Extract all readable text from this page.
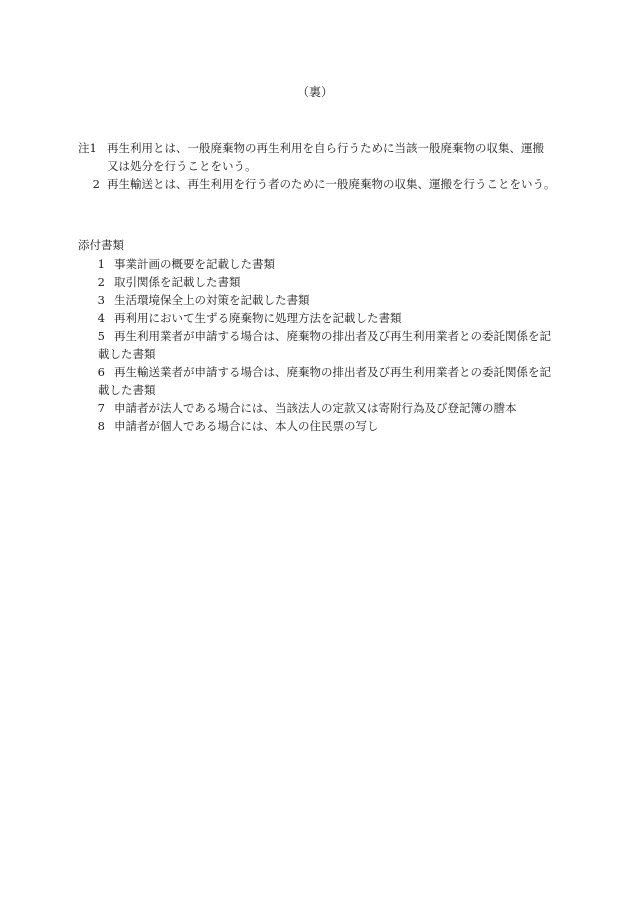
（裏）
注1 再生利用とは、一般廃棄物の再生利用を自ら行うために当該一般廃棄物の収集、運搬
又は処分を行うことをいう。
2 再生輸送とは、再生利用を行う者のために一般廃棄物の収集、運搬を行うことをいう。
添付書類
1 事業計画の概要を記載した書類
2 取引関係を記載した書類
3 生活環境保全上の対策を記載した書類
4 再利用において生ずる廃棄物に処理方法を記載した書類
5 再生利用業者が申請する場合は、廃棄物の排出者及び再生利用業者との委託関係を記
載した書類
6 再生輸送業者が申請する場合は、廃棄物の排出者及び再生利用業者との委託関係を記
載した書類
7 申請者が法人である場合には、当該法人の定款又は寄附行為及び登記簿の謄本
8 申請者が個人である場合には、本人の住民票の写し
